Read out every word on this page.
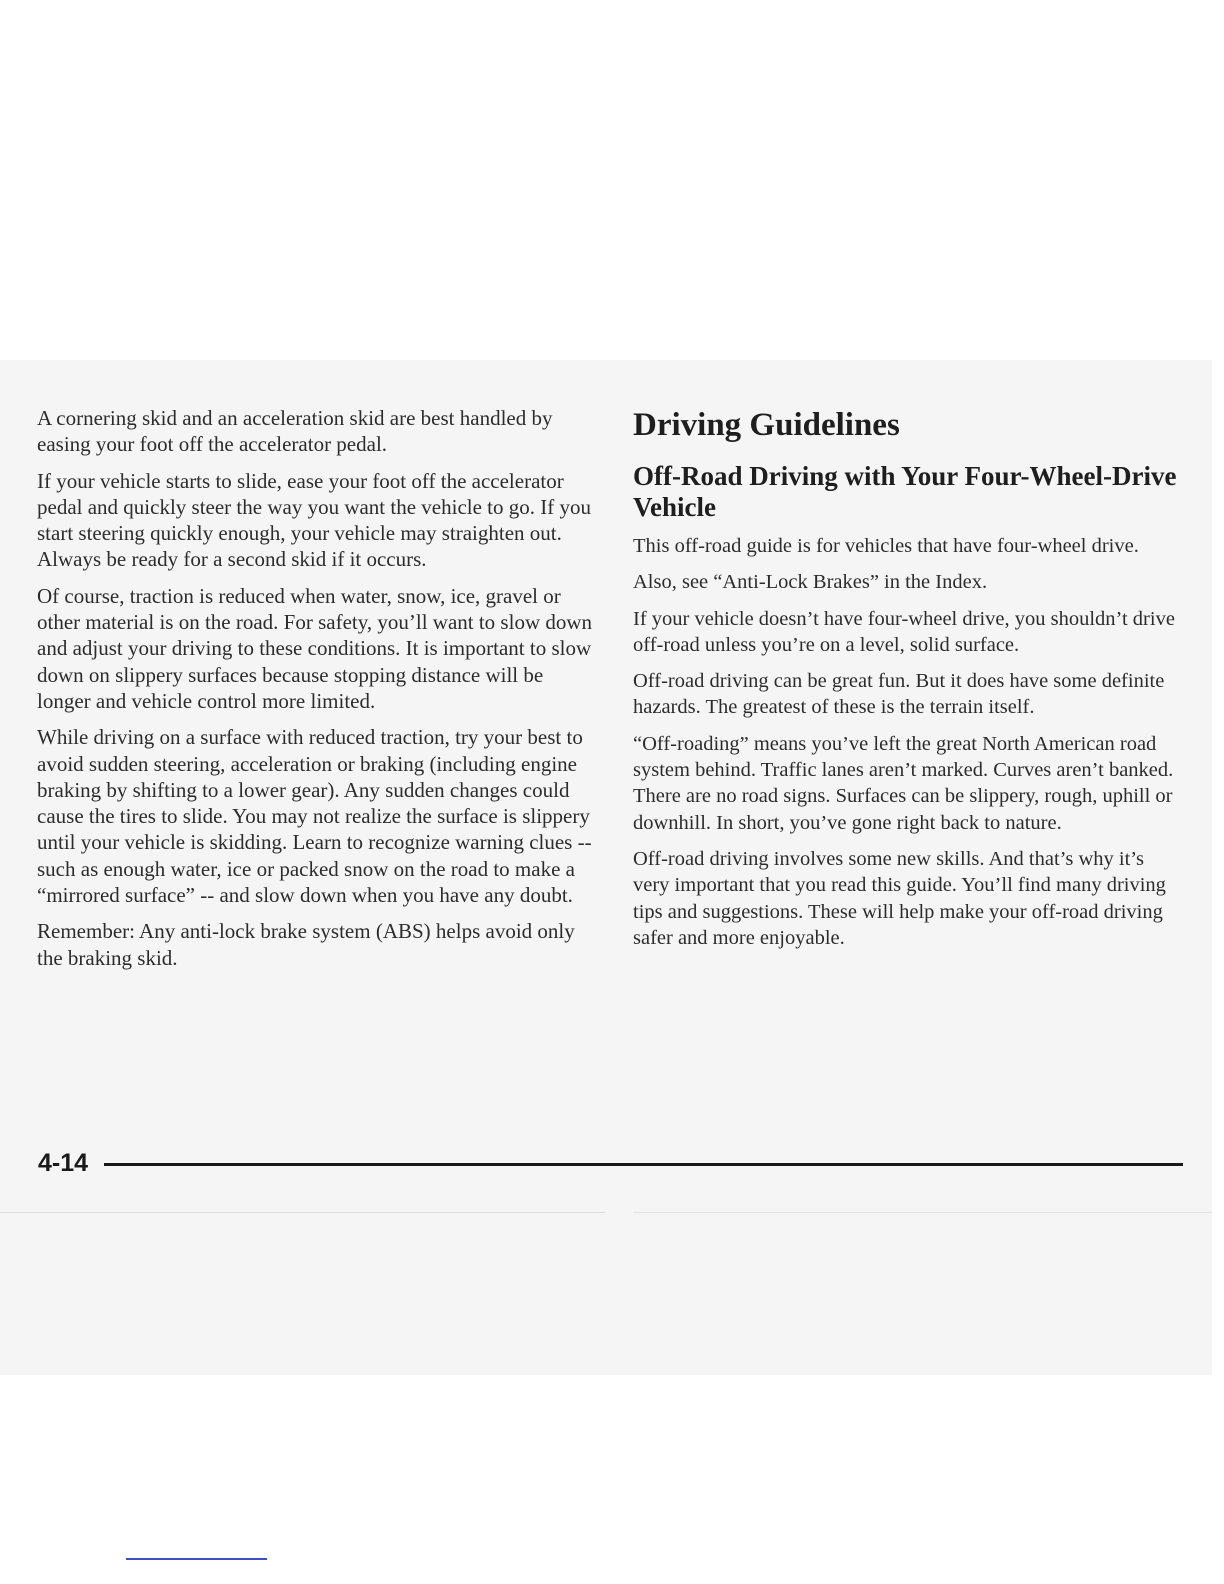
A cornering skid and an acceleration skid are best handled by easing your foot off the accelerator pedal.

If your vehicle starts to slide, ease your foot off the accelerator pedal and quickly steer the way you want the vehicle to go. If you start steering quickly enough, your vehicle may straighten out. Always be ready for a second skid if it occurs.

Of course, traction is reduced when water, snow, ice, gravel or other material is on the road. For safety, you’ll want to slow down and adjust your driving to these conditions. It is important to slow down on slippery surfaces because stopping distance will be longer and vehicle control more limited.

While driving on a surface with reduced traction, try your best to avoid sudden steering, acceleration or braking (including engine braking by shifting to a lower gear). Any sudden changes could cause the tires to slide. You may not realize the surface is slippery until your vehicle is skidding. Learn to recognize warning clues -- such as enough water, ice or packed snow on the road to make a “mirrored surface” -- and slow down when you have any doubt.

Remember: Any anti-lock brake system (ABS) helps avoid only the braking skid.

Driving Guidelines
Off-Road Driving with Your Four-Wheel-Drive Vehicle

This off-road guide is for vehicles that have four-wheel drive.

Also, see “Anti-Lock Brakes” in the Index.

If your vehicle doesn’t have four-wheel drive, you shouldn’t drive off-road unless you’re on a level, solid surface.

Off-road driving can be great fun. But it does have some definite hazards. The greatest of these is the terrain itself.

“Off-roading” means you’ve left the great North American road system behind. Traffic lanes aren’t marked. Curves aren’t banked. There are no road signs. Surfaces can be slippery, rough, uphill or downhill. In short, you’ve gone right back to nature.

Off-road driving involves some new skills. And that’s why it’s very important that you read this guide. You’ll find many driving tips and suggestions. These will help make your off-road driving safer and more enjoyable.

4-14
